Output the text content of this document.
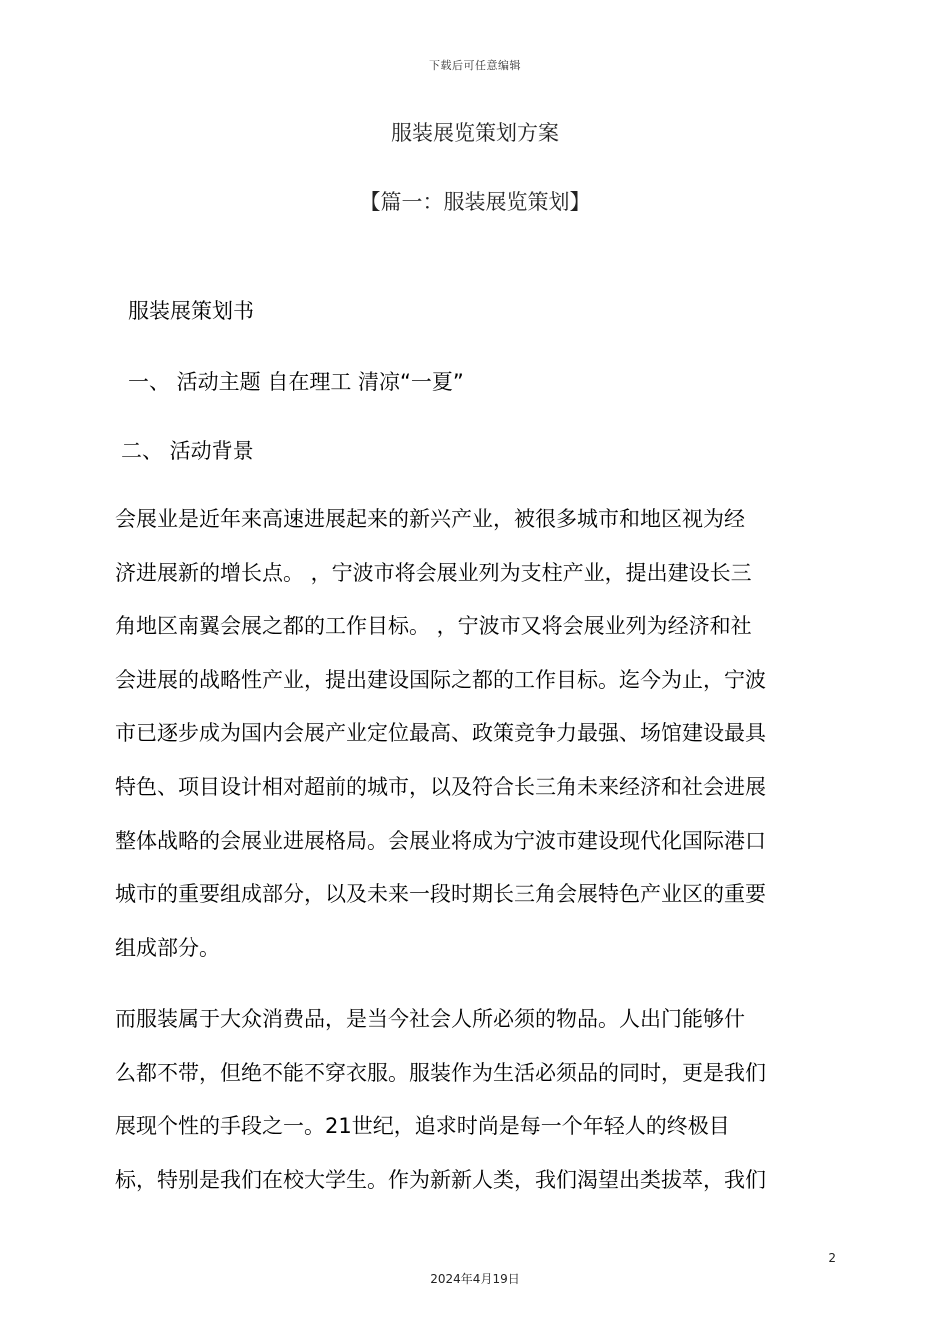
下载后可任意编辑
服装展览策划方案
【篇一：服装展览策划】
服装展策划书
一、 活动主题 自在理工 清凉“一夏”
二、 活动背景
会展业是近年来高速进展起来的新兴产业，被很多城市和地区视为经
济进展新的增长点。 ，宁波市将会展业列为支柱产业，提出建设长三
角地区南翼会展之都的工作目标。 ，宁波市又将会展业列为经济和社
会进展的战略性产业，提出建设国际之都的工作目标。迄今为止，宁波
市已逐步成为国内会展产业定位最高、政策竞争力最强、场馆建设最具
特色、项目设计相对超前的城市，以及符合长三角未来经济和社会进展
整体战略的会展业进展格局。会展业将成为宁波市建设现代化国际港口
城市的重要组成部分，以及未来一段时期长三角会展特色产业区的重要
组成部分。
而服装属于大众消费品，是当今社会人所必须的物品。人出门能够什
么都不带，但绝不能不穿衣服。服装作为生活必须品的同时，更是我们
展现个性的手段之一。21世纪，追求时尚是每一个年轻人的终极目
标，特别是我们在校大学生。作为新新人类，我们渴望出类拔萃，我们
2
2024年4月19日
